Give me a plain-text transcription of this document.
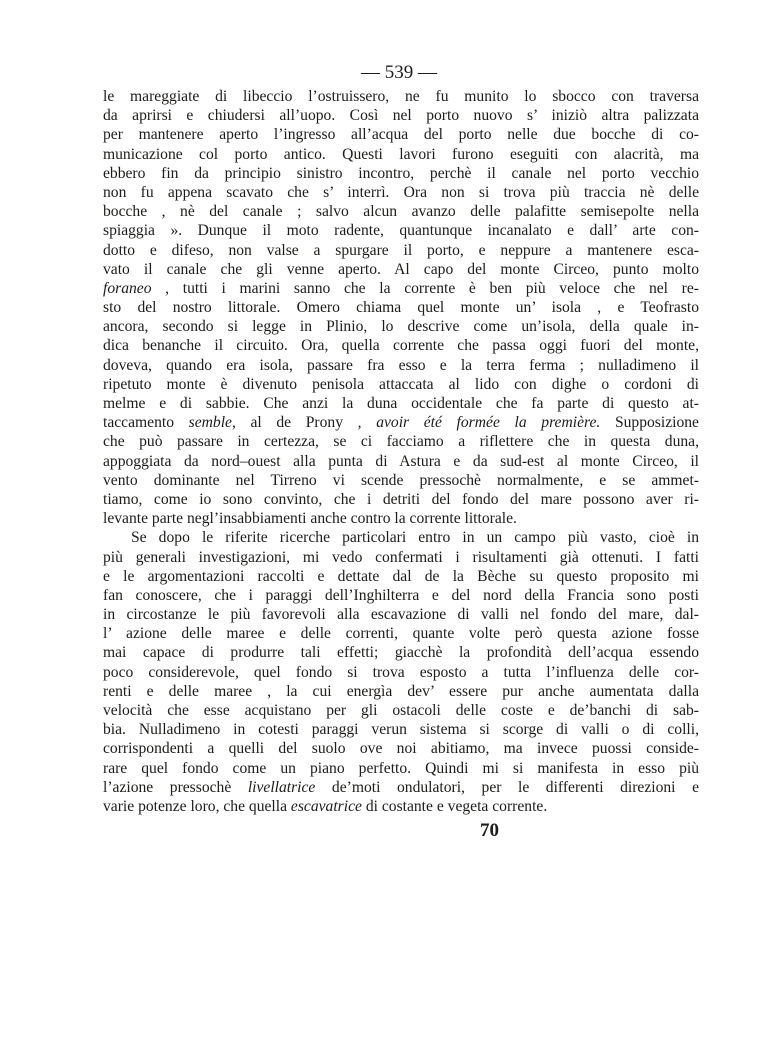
— 539 —
le mareggiate di libeccio l’ostruissero, ne fu munito lo sbocco con traversa
da aprirsi e chiudersi all’uopo. Così nel porto nuovo s’ iniziò altra palizzata
per mantenere aperto l’ingresso all’acqua del porto nelle due bocche di co-
municazione col porto antico. Questi lavori furono eseguiti con alacrità, ma
ebbero fin da principio sinistro incontro, perchè il canale nel porto vecchio
non fu appena scavato che s’ interrì. Ora non si trova più traccia nè delle
bocche , nè del canale ; salvo alcun avanzo delle palafitte semisepolte nella
spiaggia ». Dunque il moto radente, quantunque incanalato e dall’ arte con-
dotto e difeso, non valse a spurgare il porto, e neppure a mantenere esca-
vato il canale che gli venne aperto. Al capo del monte Circeo, punto molto
foraneo , tutti i marini sanno che la corrente è ben più veloce che nel re-
sto del nostro littorale. Omero chiama quel monte un’ isola , e Teofrasto
ancora, secondo si legge in Plinio, lo descrive come un’isola, della quale in-
dica benanche il circuito. Ora, quella corrente che passa oggi fuori del monte,
doveva, quando era isola, passare fra esso e la terra ferma ; nulladimeno il
ripetuto monte è divenuto penisola attaccata al lido con dighe o cordoni di
melme e di sabbie. Che anzi la duna occidentale che fa parte di questo at-
taccamento semble, al de Prony , avoir été formée la première. Supposizione
che può passare in certezza, se ci facciamo a riflettere che in questa duna,
appoggiata da nord–ouest alla punta di Astura e da sud-est al monte Circeo, il
vento dominante nel Tirreno vi scende pressochè normalmente, e se ammet-
tiamo, come io sono convinto, che i detriti del fondo del mare possono aver ri-
levante parte negl’insabbiamenti anche contro la corrente littorale.
Se dopo le riferite ricerche particolari entro in un campo più vasto, cioè in
più generali investigazioni, mi vedo confermati i risultamenti già ottenuti. I fatti
e le argomentazioni raccolti e dettate dal de la Bèche su questo proposito mi
fan conoscere, che i paraggi dell’Inghilterra e del nord della Francia sono posti
in circostanze le più favorevoli alla escavazione di valli nel fondo del mare, dal-
l’ azione delle maree e delle correnti, quante volte però questa azione fosse
mai capace di produrre tali effetti; giacchè la profondità dell’acqua essendo
poco considerevole, quel fondo si trova esposto a tutta l’influenza delle cor-
renti e delle maree , la cui energìa dev’ essere pur anche aumentata dalla
velocità che esse acquistano per gli ostacoli delle coste e de’banchi di sab-
bia. Nulladimeno in cotesti paraggi verun sistema si scorge di valli o di colli,
corrispondenti a quelli del suolo ove noi abitiamo, ma invece puossi conside-
rare quel fondo come un piano perfetto. Quindi mi si manifesta in esso più
l’azione pressochè livellatrice de’moti ondulatori, per le differenti direzioni e
varie potenze loro, che quella escavatrice di costante e vegeta corrente.
70
